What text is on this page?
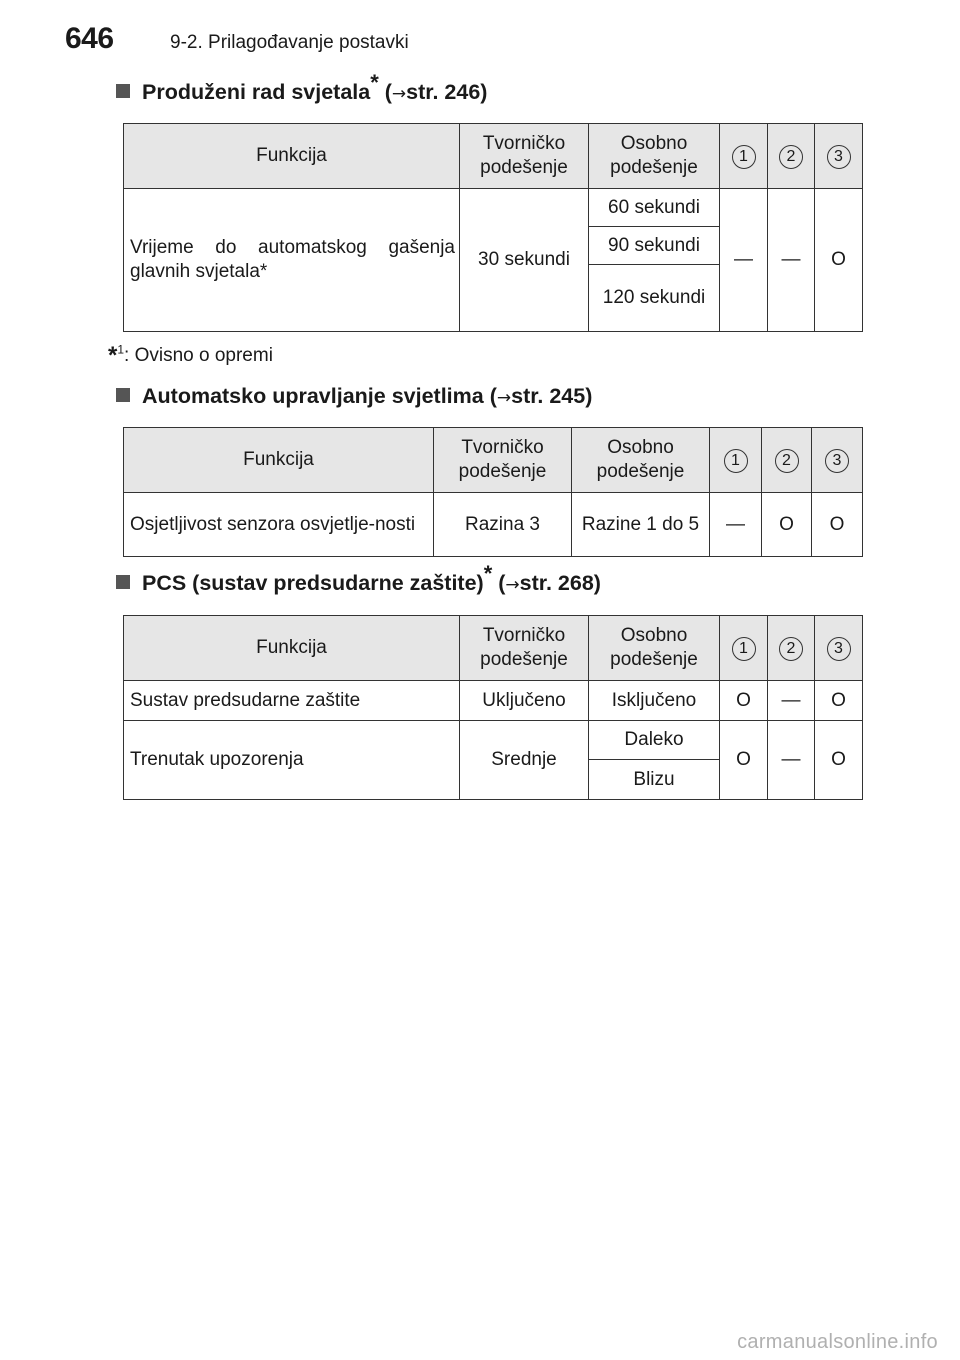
646	9-2. Prilagođavanje postavki
Produženi rad svjetala* (→str. 246)
Funkcija	Tvorničko podešenje	Osobno podešenje	1	2	3
Vrijeme do automatskog gašenja glavnih svjetala*	30 sekundi	60 sekundi	—	—	O
		90 sekundi			
		120 sekundi			
*$^1$: Ovisno o opremi
Automatsko upravljanje svjetlima (→str. 245)
Funkcija	Tvorničko podešenje	Osobno podešenje	1	2	3
Osjetljivost senzora osvjetlje-nosti	Razina 3	Razine 1 do 5	—	O	O
PCS (sustav predsudarne zaštite)* (→str. 268)
Funkcija	Tvorničko podešenje	Osobno podešenje	1	2	3
Sustav predsudarne zaštite	Uključeno	Isključeno	O	—	O
Trenutak upozorenja	Srednje	Daleko	O	—	O
		Blizu			
carmanualsonline.info
